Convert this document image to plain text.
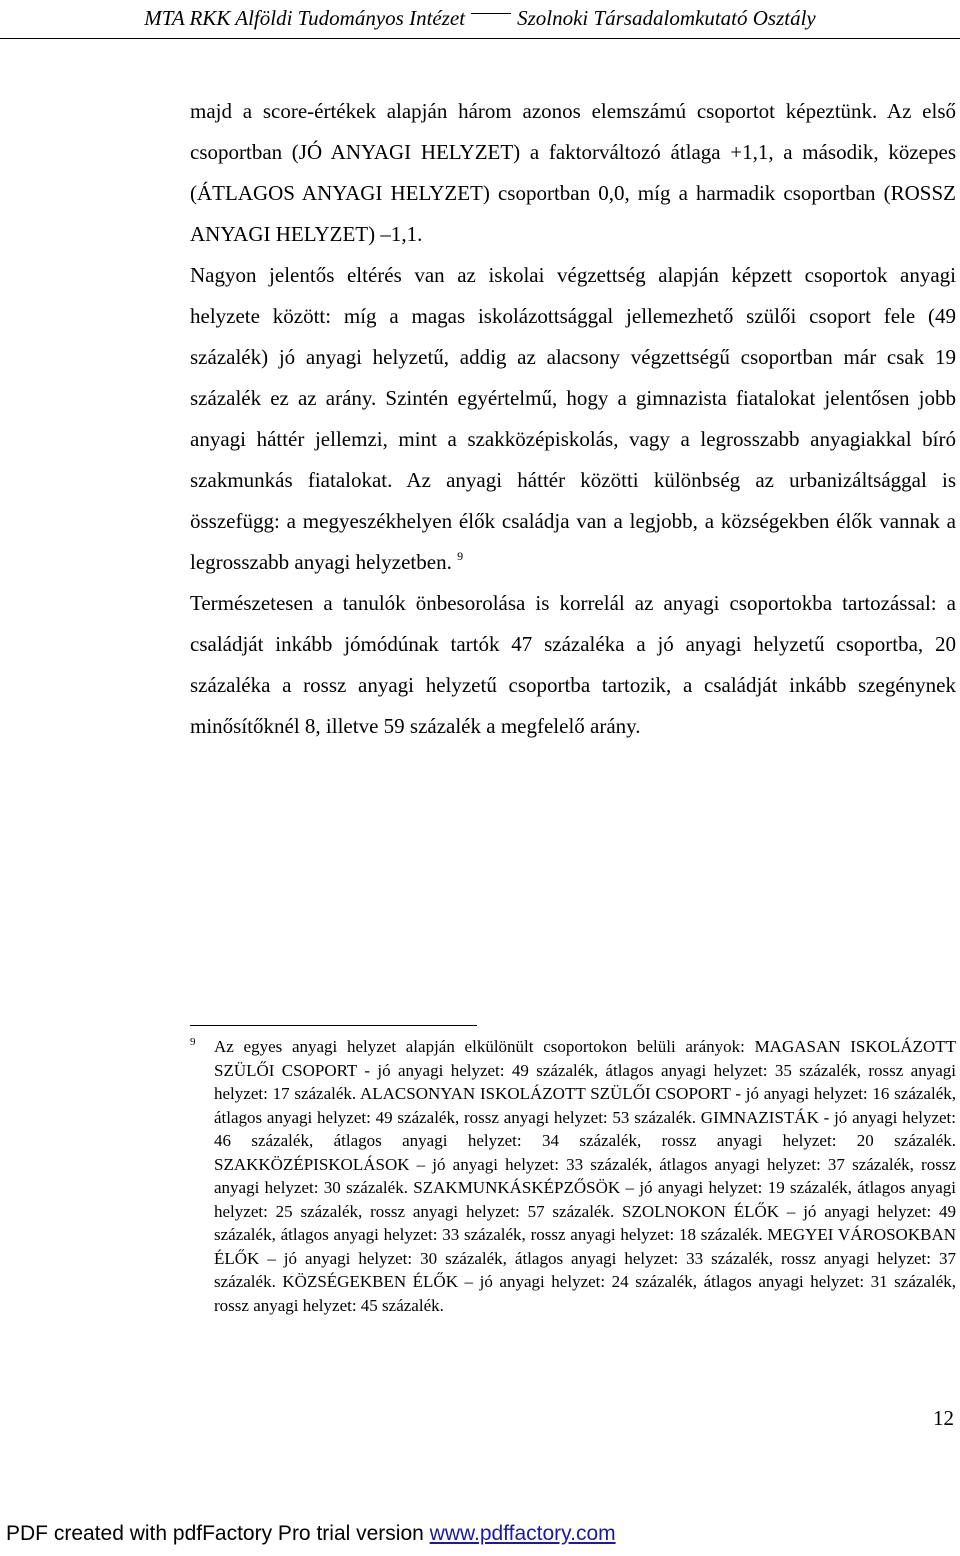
MTA RKK Alföldi Tudományos Intézet Szolnoki Társadalomkutató Osztály

majd a score-értékek alapján három azonos elemszámú csoportot képeztünk. Az első csoportban (JÓ ANYAGI HELYZET) a faktorváltozó átlaga +1,1, a második, közepes (ÁTLAGOS ANYAGI HELYZET) csoportban 0,0, míg a harmadik csoportban (ROSSZ ANYAGI HELYZET) –1,1.

Nagyon jelentős eltérés van az iskolai végzettség alapján képzett csoportok anyagi helyzete között: míg a magas iskolázottsággal jellemezhető szülői csoport fele (49 százalék) jó anyagi helyzetű, addig az alacsony végzettségű csoportban már csak 19 százalék ez az arány. Szintén egyértelmű, hogy a gimnazista fiatalokat jelentősen jobb anyagi háttér jellemzi, mint a szakközépiskolás, vagy a legrosszabb anyagiakkal bíró szakmunkás fiatalokat. Az anyagi háttér közötti különbség az urbanizáltsággal is összefügg: a megyeszékhelyen élők családja van a legjobb, a községekben élők vannak a legrosszabb anyagi helyzetben. $^9$

Természetesen a tanulók önbesorolása is korrelál az anyagi csoportokba tartozással: a családját inkább jómódúnak tartók 47 százaléka a jó anyagi helyzetű csoportba, 20 százaléka a rossz anyagi helyzetű csoportba tartozik, a családját inkább szegénynek minősítőknél 8, illetve 59 százalék a megfelelő arány.

9 Az egyes anyagi helyzet alapján elkülönült csoportokon belüli arányok: MAGASAN ISKOLÁZOTT SZÜLŐI CSOPORT - jó anyagi helyzet: 49 százalék, átlagos anyagi helyzet: 35 százalék, rossz anyagi helyzet: 17 százalék. ALACSONYAN ISKOLÁZOTT SZÜLŐI CSOPORT - jó anyagi helyzet: 16 százalék, átlagos anyagi helyzet: 49 százalék, rossz anyagi helyzet: 53 százalék. GIMNAZISTÁK - jó anyagi helyzet: 46 százalék, átlagos anyagi helyzet: 34 százalék, rossz anyagi helyzet: 20 százalék. SZAKKÖZÉPISKOLÁSOK – jó anyagi helyzet: 33 százalék, átlagos anyagi helyzet: 37 százalék, rossz anyagi helyzet: 30 százalék. SZAKMUNKÁSKÉPZŐSÖK – jó anyagi helyzet: 19 százalék, átlagos anyagi helyzet: 25 százalék, rossz anyagi helyzet: 57 százalék. SZOLNOKON ÉLŐK – jó anyagi helyzet: 49 százalék, átlagos anyagi helyzet: 33 százalék, rossz anyagi helyzet: 18 százalék. MEGYEI VÁROSOKBAN ÉLŐK – jó anyagi helyzet: 30 százalék, átlagos anyagi helyzet: 33 százalék, rossz anyagi helyzet: 37 százalék. KÖZSÉGEKBEN ÉLŐK – jó anyagi helyzet: 24 százalék, átlagos anyagi helyzet: 31 százalék, rossz anyagi helyzet: 45 százalék.
12
PDF created with pdfFactory Pro trial version www.pdffactory.com
